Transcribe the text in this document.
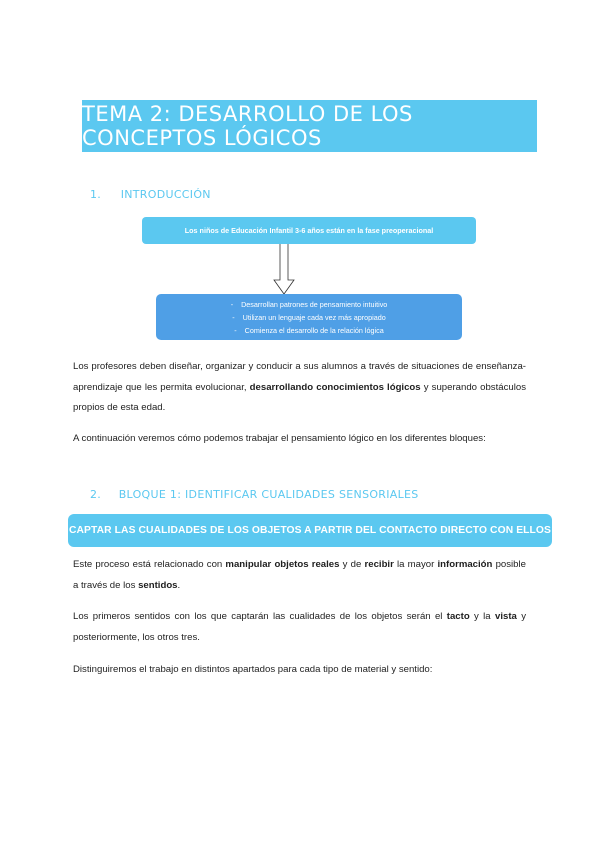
TEMA 2: DESARROLLO DE LOS CONCEPTOS LÓGICOS
1. INTRODUCCIÓN
Los niños de Educación Infantil 3-6 años están en la fase preoperacional
-    Desarrollan patrones de pensamiento intuitivo
-    Utilizan un lenguaje cada vez más apropiado
-    Comienza el desarrollo de la relación lógica
Los profesores deben diseñar, organizar y conducir a sus alumnos a través de situaciones de enseñanza-aprendizaje que les permita evolucionar, desarrollando conocimientos lógicos y superando obstáculos propios de esta edad.
A continuación veremos cómo podemos trabajar el pensamiento lógico en los diferentes bloques:
2. BLOQUE 1: IDENTIFICAR CUALIDADES SENSORIALES
CAPTAR LAS CUALIDADES DE LOS OBJETOS A PARTIR DEL CONTACTO DIRECTO CON ELLOS
Este proceso está relacionado con manipular objetos reales y de recibir la mayor información posible a través de los sentidos.
Los primeros sentidos con los que captarán las cualidades de los objetos serán el tacto y la vista y posteriormente, los otros tres.
Distinguiremos el trabajo en distintos apartados para cada tipo de material y sentido:
